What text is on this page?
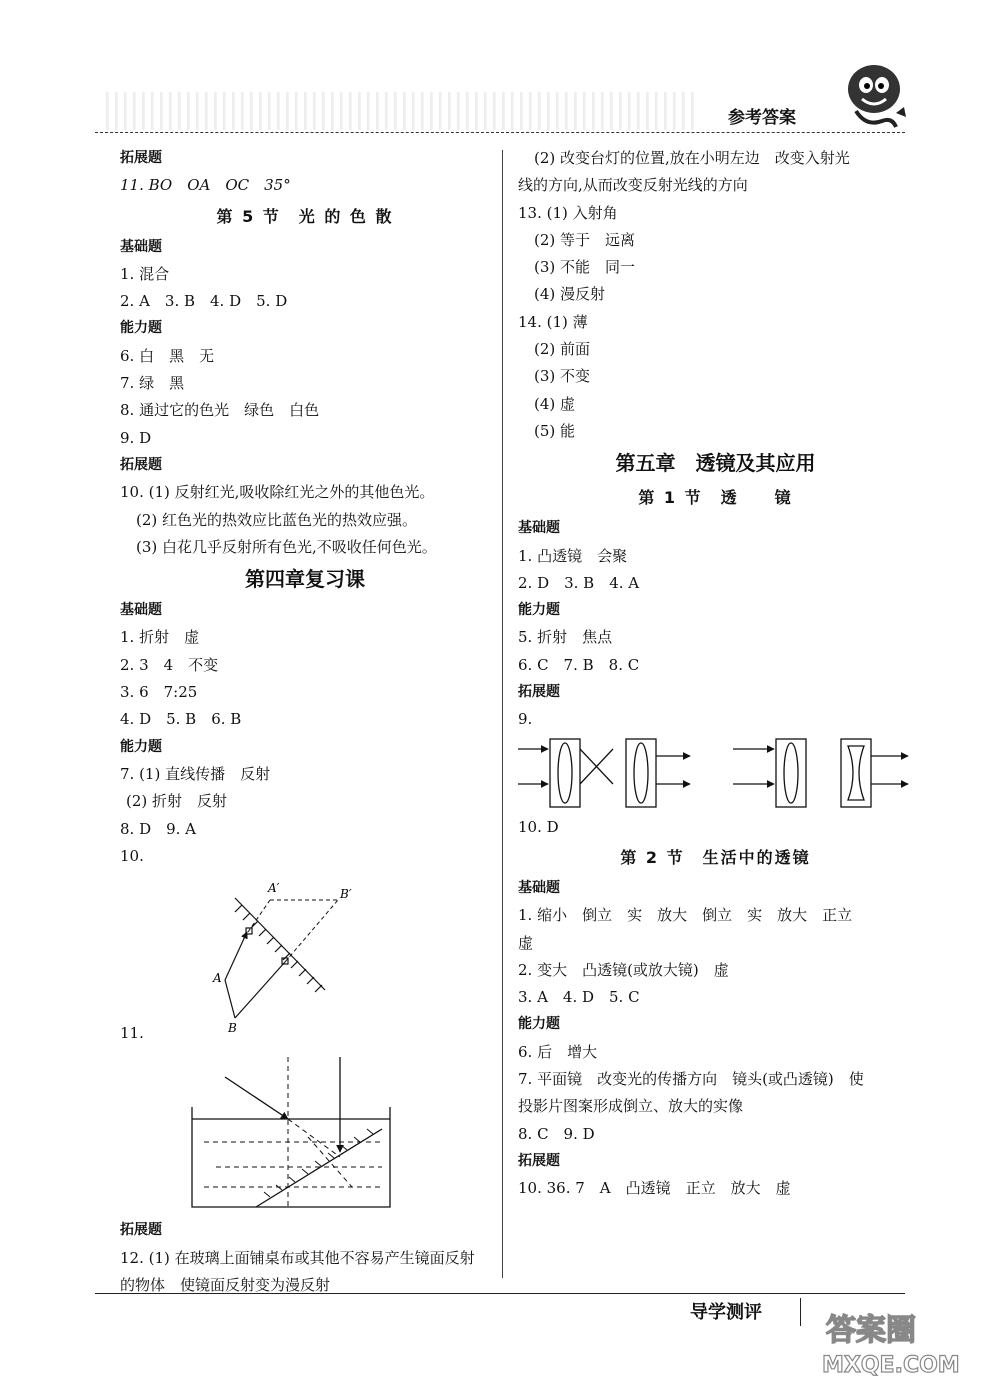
参考答案
拓展题
11. BO　OA　OC　35°
第 5 节　光 的 色 散
基础题
1. 混合
2. A　3. B　4. D　5. D
能力题
6. 白　黑　无
7. 绿　黑
8. 通过它的色光　绿色　白色
9. D
拓展题
10. (1) 反射红光,吸收除红光之外的其他色光。
(2) 红色光的热效应比蓝色光的热效应强。
(3) 白花几乎反射所有色光,不吸收任何色光。
第四章复习课
基础题
1. 折射　虚
2. 3　4　不变
3. 6　7:25
4. D　5. B　6. B
能力题
7. (1) 直线传播　反射
(2) 折射　反射
8. D　9. A
10.
A′	B′
A
B
11.
拓展题
12. (1) 在玻璃上面铺桌布或其他不容易产生镜面反射
的物体　使镜面反射变为漫反射
(2) 改变台灯的位置,放在小明左边　改变入射光
线的方向,从而改变反射光线的方向
13. (1) 入射角
(2) 等于　远离
(3) 不能　同一
(4) 漫反射
14. (1) 薄
(2) 前面
(3) 不变
(4) 虚
(5) 能
第五章　透镜及其应用
第 1 节　透　　镜
基础题
1. 凸透镜　会聚
2. D　3. B　4. A
能力题
5. 折射　焦点
6. C　7. B　8. C
拓展题
9.
10. D
第 2 节　生活中的透镜
基础题
1. 缩小　倒立　实　放大　倒立　实　放大　正立
虚
2. 变大　凸透镜(或放大镜)　虚
3. A　4. D　5. C
能力题
6. 后　增大
7. 平面镜　改变光的传播方向　镜头(或凸透镜)　使
投影片图案形成倒立、放大的实像
8. C　9. D
拓展题
10. 36. 7　A　凸透镜　正立　放大　虚
导学测评
答案圈
MXQE.COM
